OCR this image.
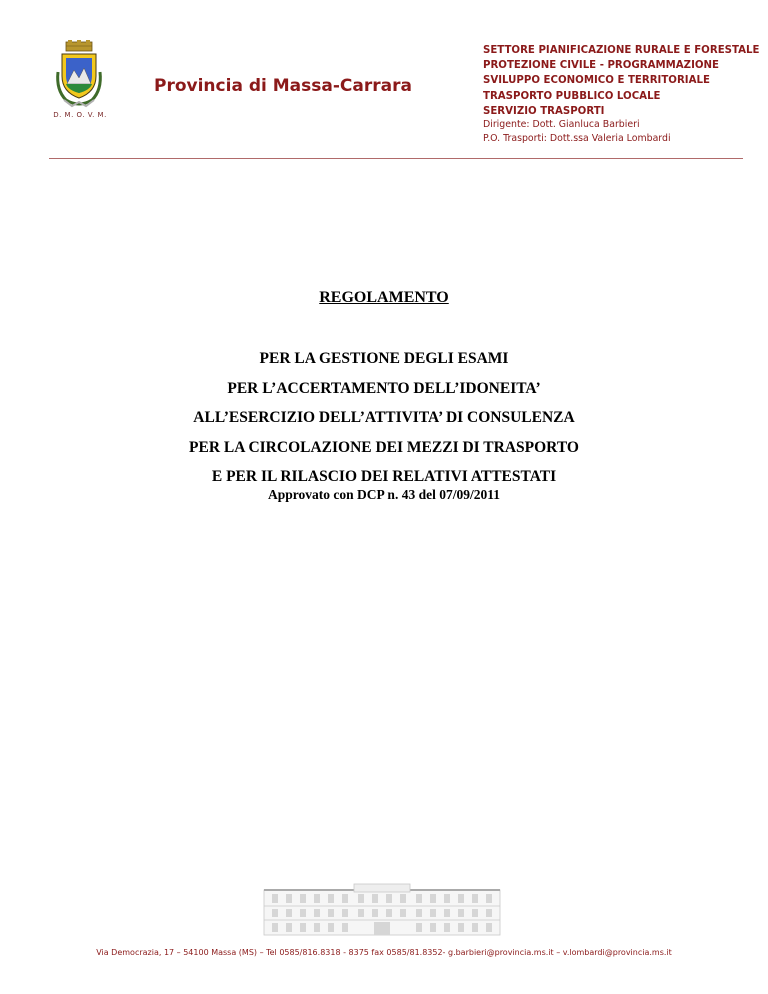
D. M. O. V. M.
Provincia di Massa-Carrara
SETTORE PIANIFICAZIONE RURALE E FORESTALE
PROTEZIONE CIVILE - PROGRAMMAZIONE
SVILUPPO ECONOMICO E TERRITORIALE
TRASPORTO PUBBLICO LOCALE
SERVIZIO TRASPORTI
Dirigente: Dott. Gianluca Barbieri
P.O. Trasporti: Dott.ssa Valeria Lombardi
REGOLAMENTO
PER LA GESTIONE DEGLI ESAMI
PER L’ACCERTAMENTO DELL’IDONEITA’
ALL’ESERCIZIO DELL’ATTIVITA’ DI CONSULENZA
PER LA CIRCOLAZIONE DEI MEZZI DI TRASPORTO
E PER IL RILASCIO DEI RELATIVI ATTESTATI
Approvato con DCP n. 43 del 07/09/2011
Via Democrazia, 17 – 54100 Massa (MS) – Tel 0585/816.8318 - 8375 fax 0585/81.8352- g.barbieri@provincia.ms.it – v.lombardi@provincia.ms.it
